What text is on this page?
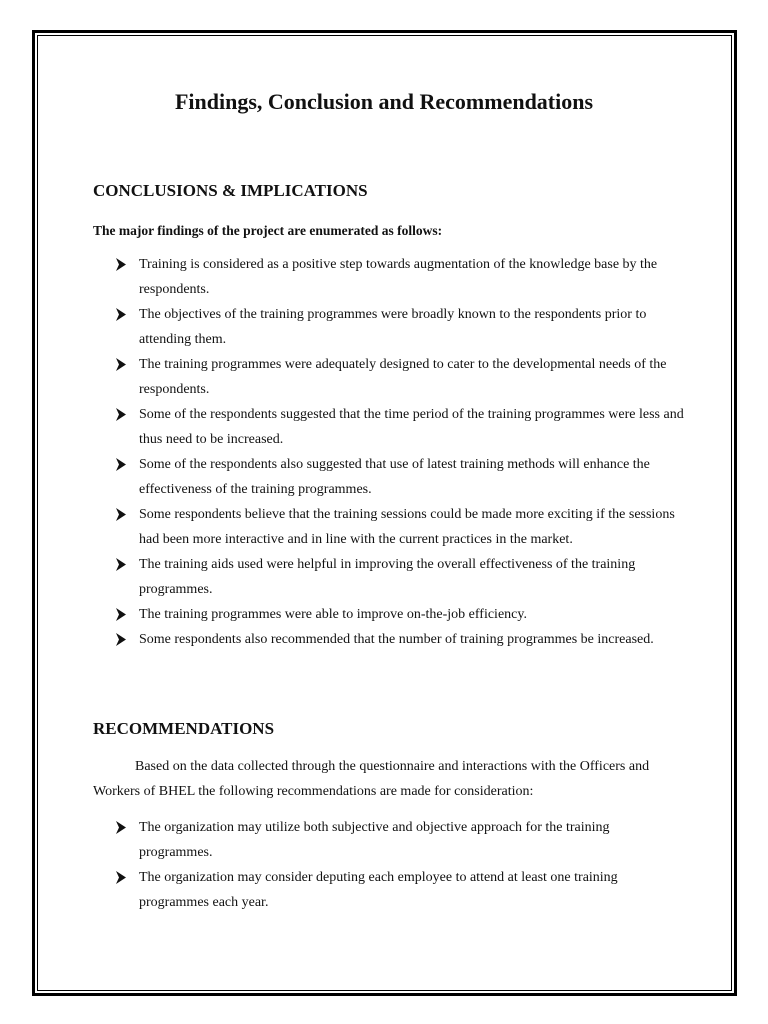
Findings, Conclusion and Recommendations
CONCLUSIONS & IMPLICATIONS

The major findings of the project are enumerated as follows:

Training is considered as a positive step towards augmentation of the knowledge base by the respondents.
The objectives of the training programmes were broadly known to the respondents prior to attending them.
The training programmes were adequately designed to cater to the developmental needs of the respondents.
Some of the respondents suggested that the time period of the training programmes were less and thus need to be increased.
Some of the respondents also suggested that use of latest training methods will enhance the effectiveness of the training programmes.
Some respondents believe that the training sessions could be made more exciting if the sessions had been more interactive and in line with the current practices in the market.
The training aids used were helpful in improving the overall effectiveness of the training programmes.
The training programmes were able to improve on-the-job efficiency.
Some respondents also recommended that the number of training programmes be increased.
RECOMMENDATIONS

Based on the data collected through the questionnaire and interactions with the Officers and Workers of BHEL the following recommendations are made for consideration:

The organization may utilize both subjective and objective approach for the training programmes.
The organization may consider deputing each employee to attend at least one training programmes each year.
